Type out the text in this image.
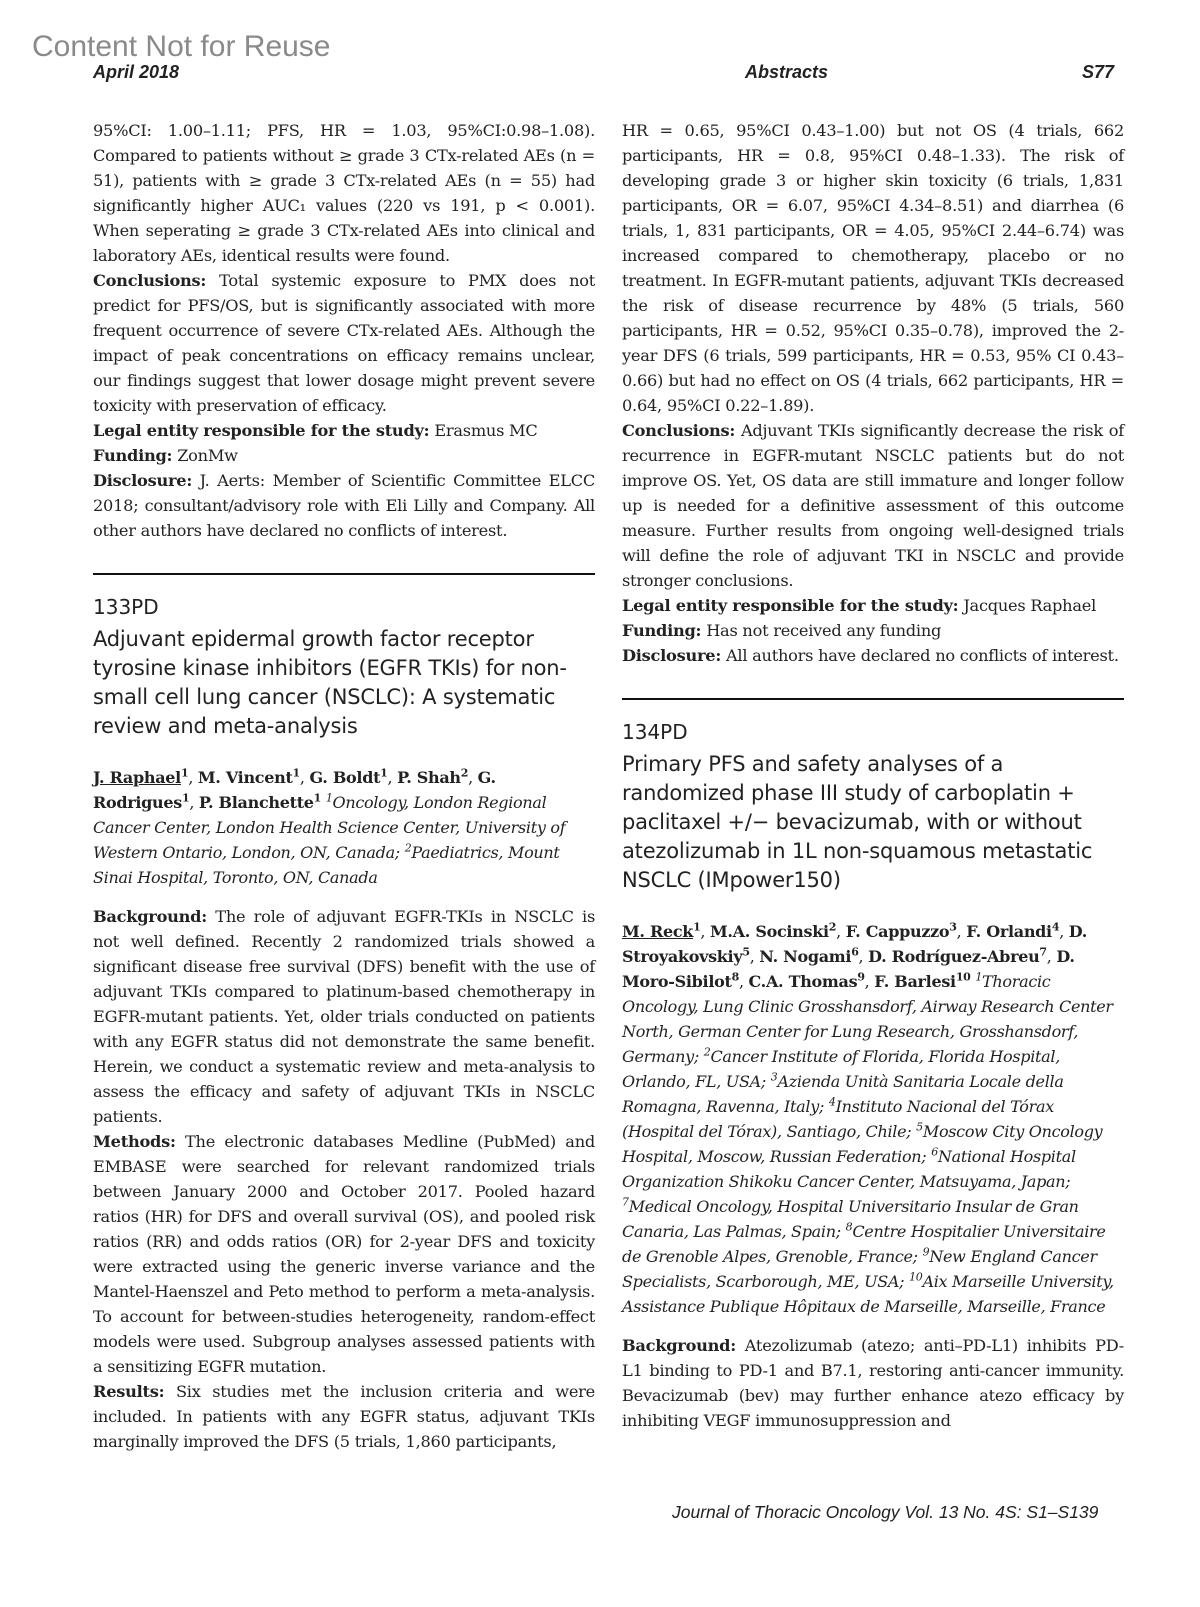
Content Not for Reuse
April 2018	Abstracts	S77

95%CI: 1.00–1.11; PFS, HR = 1.03, 95%CI:0.98–1.08). Compared to patients without ≥ grade 3 CTx-related AEs (n = 51), patients with ≥ grade 3 CTx-related AEs (n = 55) had significantly higher AUC₁ values (220 vs 191, p < 0.001). When seperating ≥ grade 3 CTx-related AEs into clinical and laboratory AEs, identical results were found.

Conclusions: Total systemic exposure to PMX does not predict for PFS/OS, but is significantly associated with more frequent occurrence of severe CTx-related AEs. Although the impact of peak concentrations on efficacy remains unclear, our findings suggest that lower dosage might prevent severe toxicity with preservation of efficacy.

Legal entity responsible for the study: Erasmus MC

Funding: ZonMw

Disclosure: J. Aerts: Member of Scientific Committee ELCC 2018; consultant/advisory role with Eli Lilly and Company. All other authors have declared no conflicts of interest.

133PD
Adjuvant epidermal growth factor receptor tyrosine kinase inhibitors (EGFR TKIs) for non-small cell lung cancer (NSCLC): A systematic review and meta-analysis
J. Raphael$^1$, M. Vincent$^1$, G. Boldt$^1$, P. Shah$^2$, G. Rodrigues$^1$, P. Blanchette$^1$ $^1$Oncology, London Regional Cancer Center, London Health Science Center, University of Western Ontario, London, ON, Canada; $^2$Paediatrics, Mount Sinai Hospital, Toronto, ON, Canada

Background: The role of adjuvant EGFR-TKIs in NSCLC is not well defined. Recently 2 randomized trials showed a significant disease free survival (DFS) benefit with the use of adjuvant TKIs compared to platinum-based chemotherapy in EGFR-mutant patients. Yet, older trials conducted on patients with any EGFR status did not demonstrate the same benefit. Herein, we conduct a systematic review and meta-analysis to assess the efficacy and safety of adjuvant TKIs in NSCLC patients.

Methods: The electronic databases Medline (PubMed) and EMBASE were searched for relevant randomized trials between January 2000 and October 2017. Pooled hazard ratios (HR) for DFS and overall survival (OS), and pooled risk ratios (RR) and odds ratios (OR) for 2-year DFS and toxicity were extracted using the generic inverse variance and the Mantel-Haenszel and Peto method to perform a meta-analysis. To account for between-studies heterogeneity, random-effect models were used. Subgroup analyses assessed patients with a sensitizing EGFR mutation.

Results: Six studies met the inclusion criteria and were included. In patients with any EGFR status, adjuvant TKIs marginally improved the DFS (5 trials, 1,860 participants,

HR = 0.65, 95%CI 0.43–1.00) but not OS (4 trials, 662 participants, HR = 0.8, 95%CI 0.48–1.33). The risk of developing grade 3 or higher skin toxicity (6 trials, 1,831 participants, OR = 6.07, 95%CI 4.34–8.51) and diarrhea (6 trials, 1, 831 participants, OR = 4.05, 95%CI 2.44–6.74) was increased compared to chemotherapy, placebo or no treatment. In EGFR-mutant patients, adjuvant TKIs decreased the risk of disease recurrence by 48% (5 trials, 560 participants, HR = 0.52, 95%CI 0.35–0.78), improved the 2-year DFS (6 trials, 599 participants, HR = 0.53, 95% CI 0.43–0.66) but had no effect on OS (4 trials, 662 participants, HR = 0.64, 95%CI 0.22–1.89).

Conclusions: Adjuvant TKIs significantly decrease the risk of recurrence in EGFR-mutant NSCLC patients but do not improve OS. Yet, OS data are still immature and longer follow up is needed for a definitive assessment of this outcome measure. Further results from ongoing well-designed trials will define the role of adjuvant TKI in NSCLC and provide stronger conclusions.

Legal entity responsible for the study: Jacques Raphael

Funding: Has not received any funding

Disclosure: All authors have declared no conflicts of interest.

134PD
Primary PFS and safety analyses of a randomized phase III study of carboplatin + paclitaxel +/− bevacizumab, with or without atezolizumab in 1L non-squamous metastatic NSCLC (IMpower150)
M. Reck$^1$, M.A. Socinski$^2$, F. Cappuzzo$^3$, F. Orlandi$^4$, D. Stroyakovskiy$^5$, N. Nogami$^6$, D. Rodríguez-Abreu$^7$, D. Moro-Sibilot$^8$, C.A. Thomas$^9$, F. Barlesi$^{10}$ $^1$Thoracic Oncology, Lung Clinic Grosshansdorf, Airway Research Center North, German Center for Lung Research, Grosshansdorf, Germany; $^2$Cancer Institute of Florida, Florida Hospital, Orlando, FL, USA; $^3$Azienda Unità Sanitaria Locale della Romagna, Ravenna, Italy; $^4$Instituto Nacional del Tórax (Hospital del Tórax), Santiago, Chile; $^5$Moscow City Oncology Hospital, Moscow, Russian Federation; $^6$National Hospital Organization Shikoku Cancer Center, Matsuyama, Japan; $^7$Medical Oncology, Hospital Universitario Insular de Gran Canaria, Las Palmas, Spain; $^8$Centre Hospitalier Universitaire de Grenoble Alpes, Grenoble, France; $^9$New England Cancer Specialists, Scarborough, ME, USA; $^{10}$Aix Marseille University, Assistance Publique Hôpitaux de Marseille, Marseille, France

Background: Atezolizumab (atezo; anti–PD-L1) inhibits PD-L1 binding to PD-1 and B7.1, restoring anti-cancer immunity. Bevacizumab (bev) may further enhance atezo efficacy by inhibiting VEGF immunosuppression and

Journal of Thoracic Oncology Vol. 13 No. 4S: S1–S139
